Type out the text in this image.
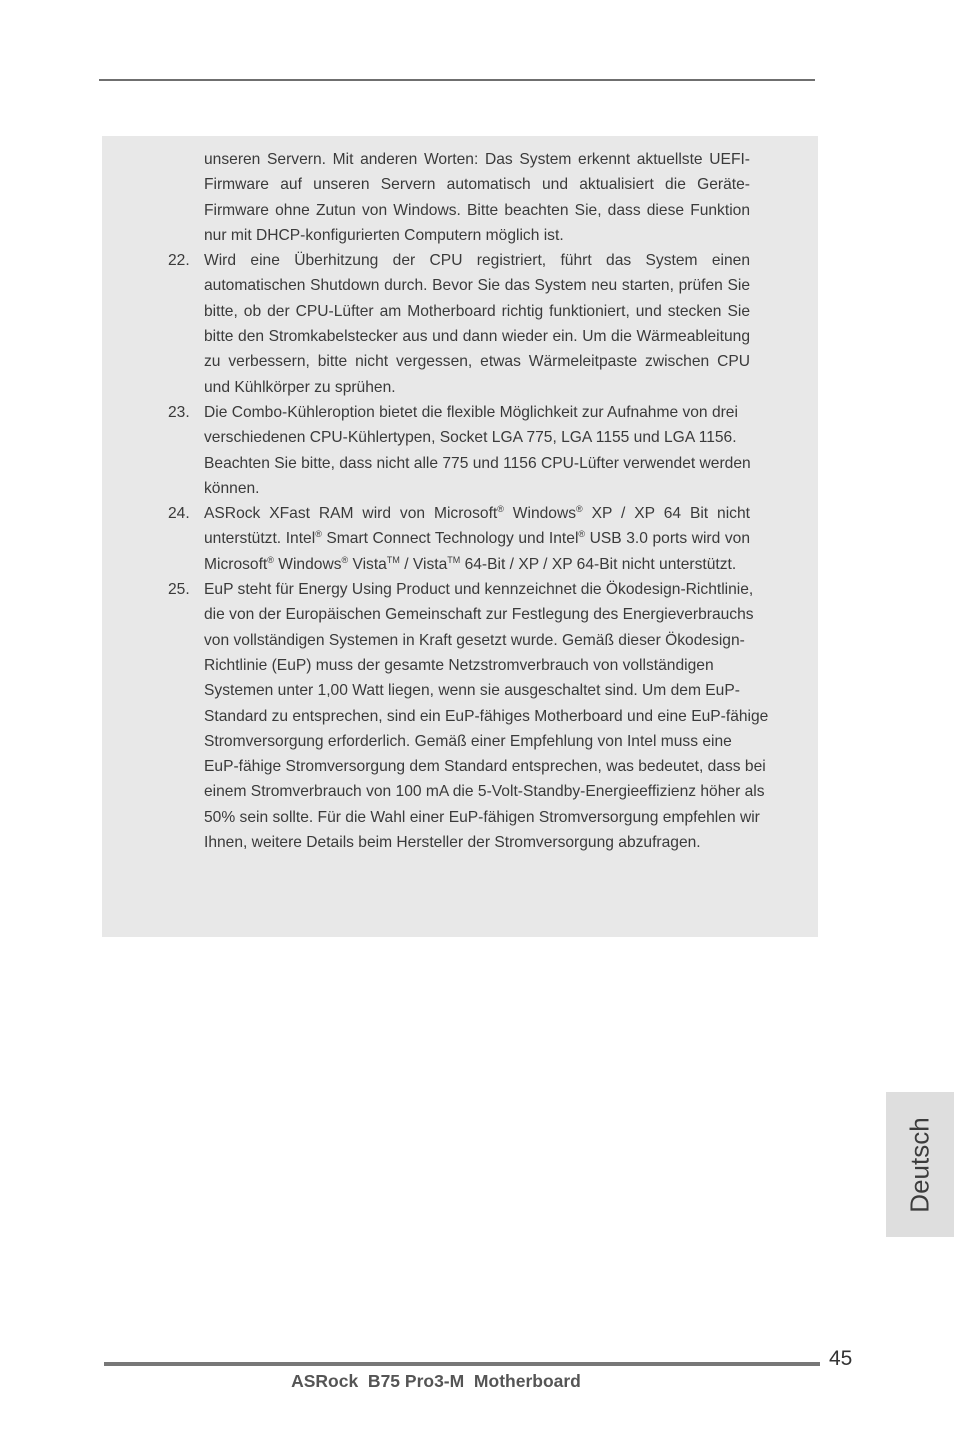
unseren Servern. Mit anderen Worten: Das System erkennt aktuellste UEFI-Firmware auf unseren Servern automatisch und aktualisiert die Geräte-Firmware ohne Zutun von Windows. Bitte beachten Sie, dass diese Funktion nur mit DHCP-konfigurierten Computern möglich ist.

22. Wird eine Überhitzung der CPU registriert, führt das System einen automatischen Shutdown durch. Bevor Sie das System neu starten, prüfen Sie bitte, ob der CPU-Lüfter am Motherboard richtig funktioniert, und stecken Sie bitte den Stromkabelstecker aus und dann wieder ein. Um die Wärmeableitung zu verbessern, bitte nicht vergessen, etwas Wärmeleitpaste zwischen CPU und Kühlkörper zu sprühen.

23. Die Combo-Kühleroption bietet die flexible Möglichkeit zur Aufnahme von drei verschiedenen CPU-Kühlertypen, Socket LGA 775, LGA 1155 und LGA 1156. Beachten Sie bitte, dass nicht alle 775 und 1156 CPU-Lüfter verwendet werden können.

24. ASRock XFast RAM wird von Microsoft® Windows® XP / XP 64 Bit nicht unterstützt. Intel® Smart Connect Technology und Intel® USB 3.0 ports wird von Microsoft® Windows® Vista™ / Vista™ 64-Bit / XP / XP 64-Bit nicht unterstützt.

25. EuP steht für Energy Using Product und kennzeichnet die Ökodesign-Richtlinie, die von der Europäischen Gemeinschaft zur Festlegung des Energieverbrauchs von vollständigen Systemen in Kraft gesetzt wurde. Gemäß dieser Ökodesign-Richtlinie (EuP) muss der gesamte Netzstromverbrauch von vollständigen Systemen unter 1,00 Watt liegen, wenn sie ausgeschaltet sind. Um dem EuP-Standard zu entsprechen, sind ein EuP-fähiges Motherboard und eine EuP-fähige Stromversorgung erforderlich. Gemäß einer Empfehlung von Intel muss eine EuP-fähige Stromversorgung dem Standard entsprechen, was bedeutet, dass bei einem Stromverbrauch von 100 mA die 5-Volt-Standby-Energieeffizienz höher als 50% sein sollte. Für die Wahl einer EuP-fähigen Stromversorgung empfehlen wir Ihnen, weitere Details beim Hersteller der Stromversorgung abzufragen.

Deutsch
45
ASRock  B75 Pro3-M  Motherboard
